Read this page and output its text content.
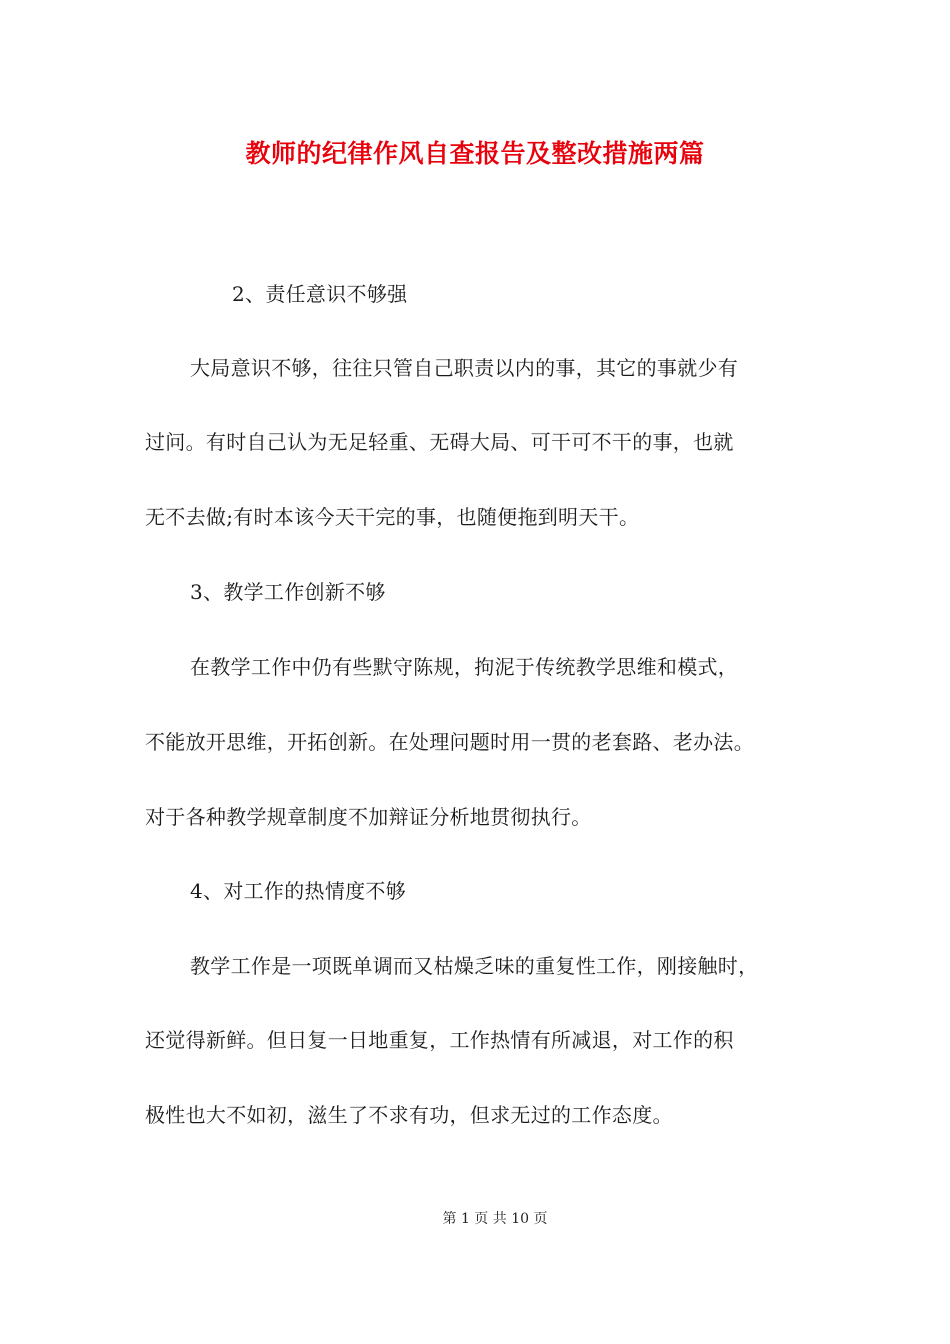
教师的纪律作风自查报告及整改措施两篇
2、责任意识不够强
大局意识不够，往往只管自己职责以内的事，其它的事就少有
过问。有时自己认为无足轻重、无碍大局、可干可不干的事，也就
无不去做;有时本该今天干完的事，也随便拖到明天干。
3、教学工作创新不够
在教学工作中仍有些默守陈规，拘泥于传统教学思维和模式，
不能放开思维，开拓创新。在处理问题时用一贯的老套路、老办法。
对于各种教学规章制度不加辩证分析地贯彻执行。
4、对工作的热情度不够
教学工作是一项既单调而又枯燥乏味的重复性工作，刚接触时，
还觉得新鲜。但日复一日地重复，工作热情有所减退，对工作的积
极性也大不如初，滋生了不求有功，但求无过的工作态度。
第 1 页 共 10 页
